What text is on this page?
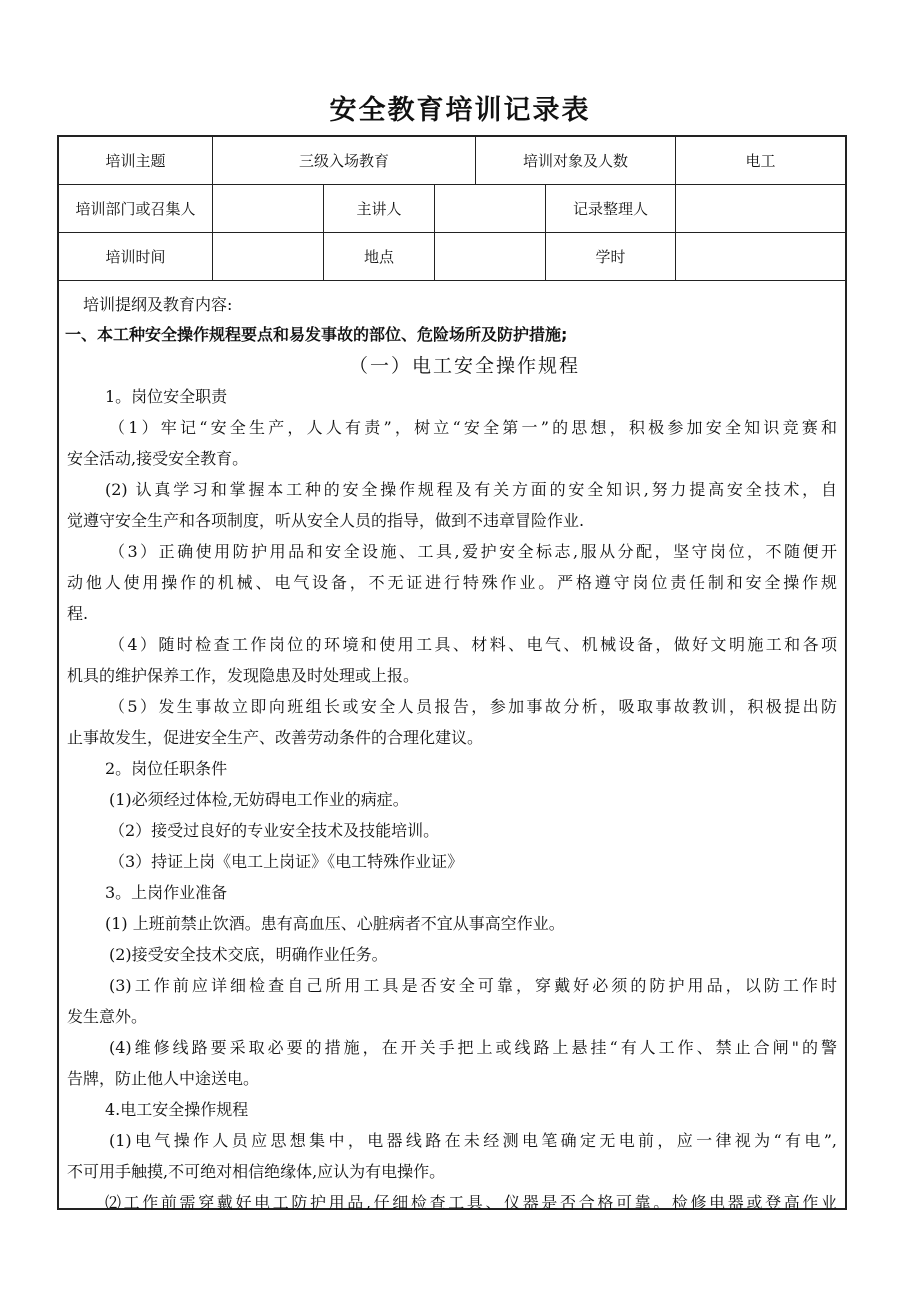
安全教育培训记录表
培训主题	三级入场教育	培训对象及人数	电工
培训部门或召集人	主讲人	记录整理人
培训时间	地点	学时
培训提纲及教育内容:
一、本工种安全操作规程要点和易发事故的部位、危险场所及防护措施;
（一）电工安全操作规程
1。岗位安全职责
（1）牢记“安全生产，人人有责”，树立“安全第一”的思想，积极参加安全知识竞赛和
安全活动,接受安全教育。
(2) 认真学习和掌握本工种的安全操作规程及有关方面的安全知识,努力提高安全技术，自
觉遵守安全生产和各项制度，听从安全人员的指导，做到不违章冒险作业.
（3）正确使用防护用品和安全设施、工具,爱护安全标志,服从分配，坚守岗位，不随便开
动他人使用操作的机械、电气设备，不无证进行特殊作业。严格遵守岗位责任制和安全操作规
程.
（4）随时检查工作岗位的环境和使用工具、材料、电气、机械设备，做好文明施工和各项
机具的维护保养工作，发现隐患及时处理或上报。
（5）发生事故立即向班组长或安全人员报告，参加事故分析，吸取事故教训，积极提出防
止事故发生，促进安全生产、改善劳动条件的合理化建议。
2。岗位任职条件
(1)必须经过体检,无妨碍电工作业的病症。
（2）接受过良好的专业安全技术及技能培训。
（3）持证上岗《电工上岗证》《电工特殊作业证》
3。上岗作业准备
(1) 上班前禁止饮酒。患有高血压、心脏病者不宜从事高空作业。
(2)接受安全技术交底，明确作业任务。
(3)工作前应详细检查自己所用工具是否安全可靠，穿戴好必须的防护用品，以防工作时
发生意外。
(4)维修线路要采取必要的措施，在开关手把上或线路上悬挂“有人工作、禁止合闸"的警
告牌，防止他人中途送电。
4.电工安全操作规程
(1)电气操作人员应思想集中，电器线路在未经测电笔确定无电前，应一律视为“有电”,
不可用手触摸,不可绝对相信绝缘体,应认为有电操作。
⑵工作前需穿戴好电工防护用品,仔细检查工具、仪器是否合格可靠。检修电器或登高作业
